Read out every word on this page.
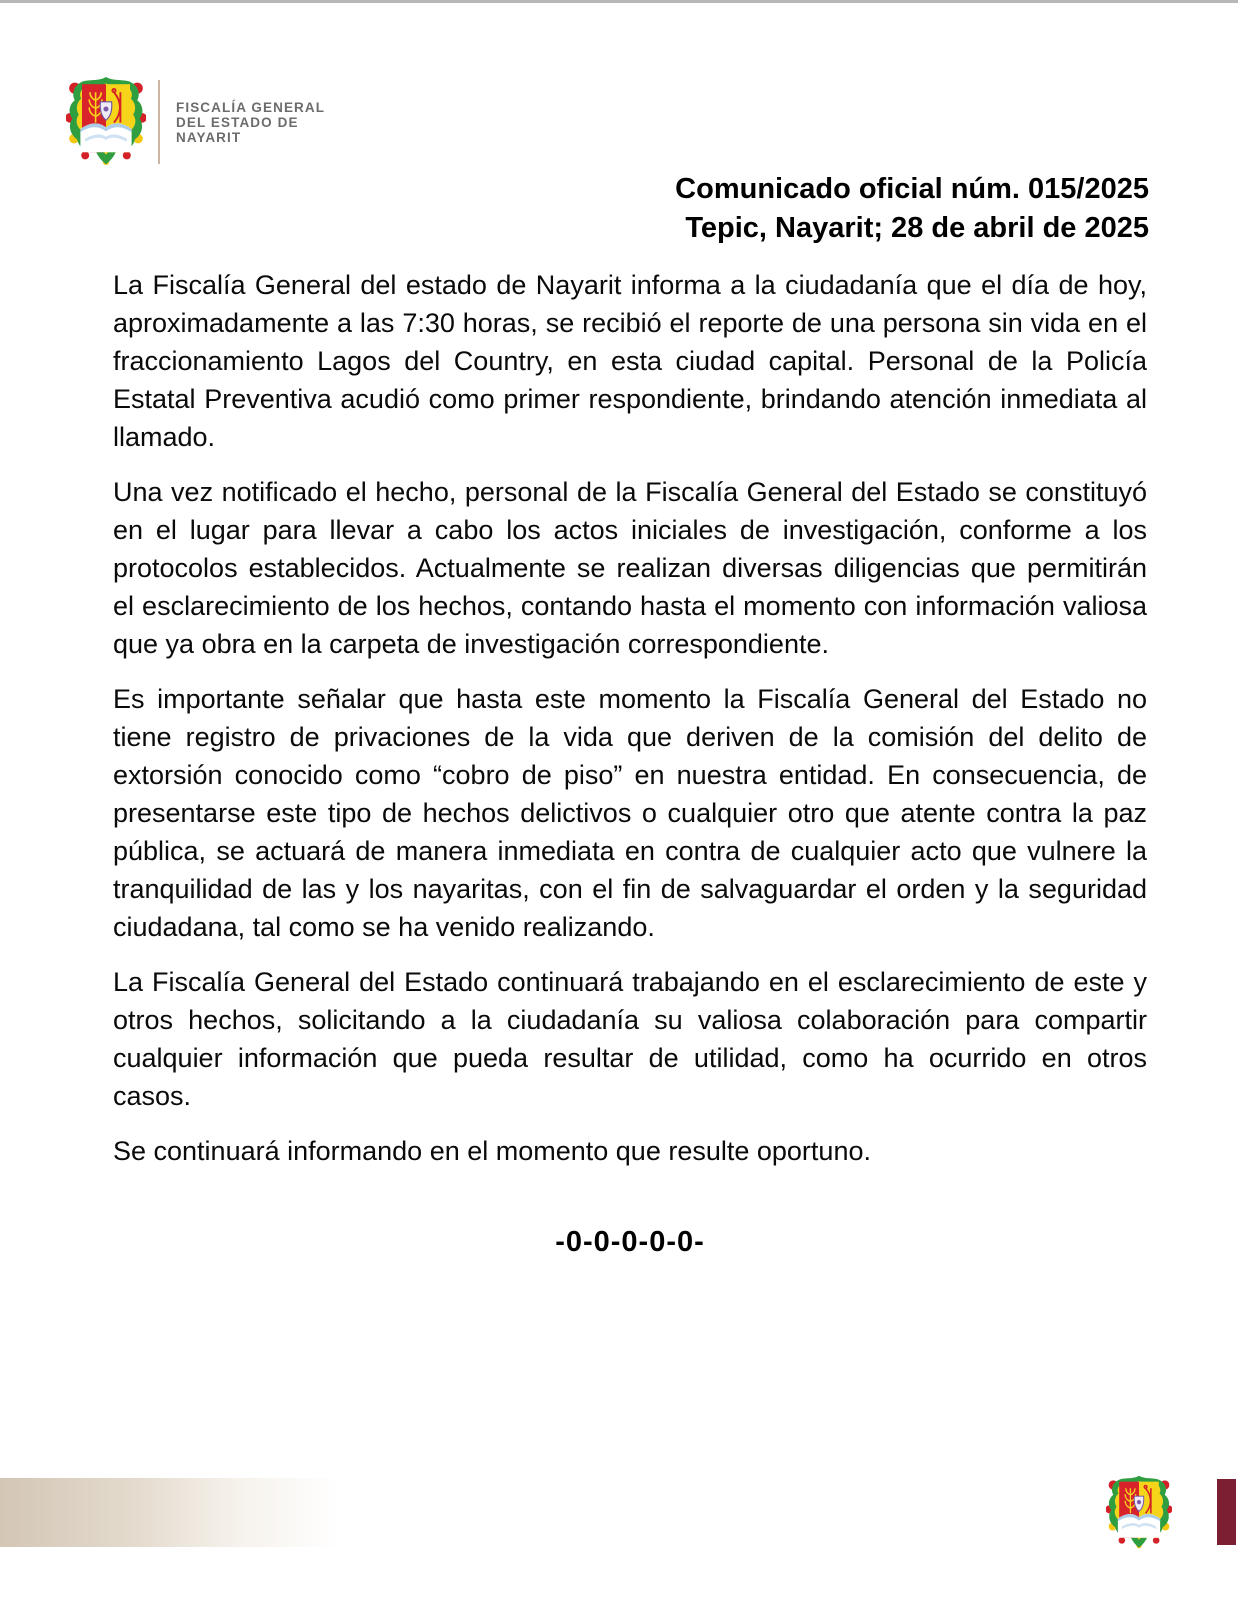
FISCALÍA GENERAL
DEL ESTADO DE
NAYARIT
Comunicado oficial núm. 015/2025
Tepic, Nayarit; 28 de abril de 2025

La Fiscalía General del estado de Nayarit informa a la ciudadanía que el día de hoy, aproximadamente a las 7:30 horas, se recibió el reporte de una persona sin vida en el fraccionamiento Lagos del Country, en esta ciudad capital. Personal de la Policía Estatal Preventiva acudió como primer respondiente, brindando atención inmediata al llamado.

Una vez notificado el hecho, personal de la Fiscalía General del Estado se constituyó en el lugar para llevar a cabo los actos iniciales de investigación, conforme a los protocolos establecidos. Actualmente se realizan diversas diligencias que permitirán el esclarecimiento de los hechos, contando hasta el momento con información valiosa que ya obra en la carpeta de investigación correspondiente.

Es importante señalar que hasta este momento la Fiscalía General del Estado no tiene registro de privaciones de la vida que deriven de la comisión del delito de extorsión conocido como “cobro de piso” en nuestra entidad. En consecuencia, de presentarse este tipo de hechos delictivos o cualquier otro que atente contra la paz pública, se actuará de manera inmediata en contra de cualquier acto que vulnere la tranquilidad de las y los nayaritas, con el fin de salvaguardar el orden y la seguridad ciudadana, tal como se ha venido realizando.

La Fiscalía General del Estado continuará trabajando en el esclarecimiento de este y otros hechos, solicitando a la ciudadanía su valiosa colaboración para compartir cualquier información que pueda resultar de utilidad, como ha ocurrido en otros casos.

Se continuará informando en el momento que resulte oportuno.

-0-0-0-0-0-
